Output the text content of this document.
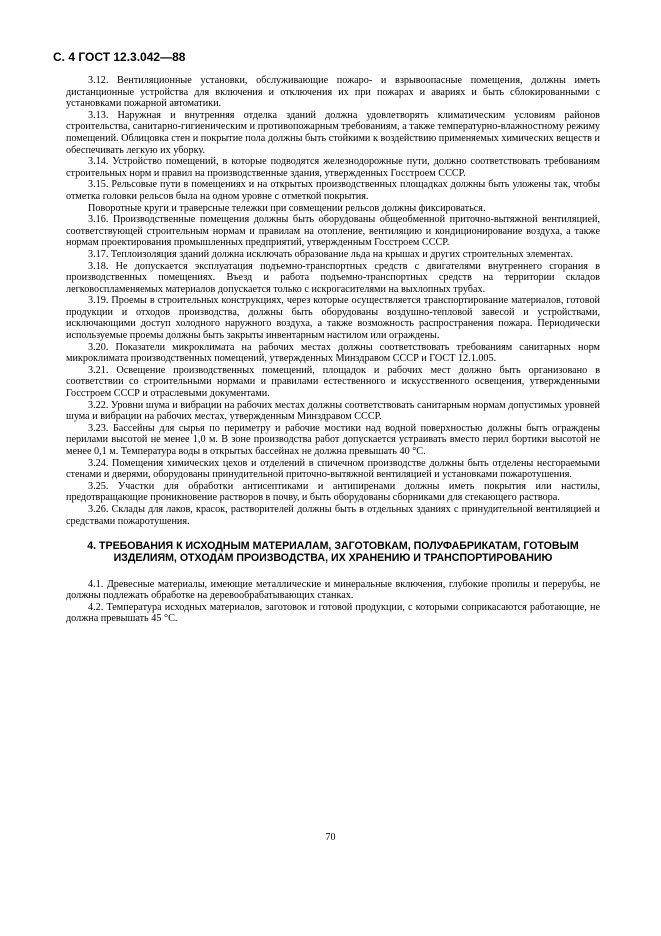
С. 4 ГОСТ 12.3.042—88

3.12. Вентиляционные установки, обслуживающие пожаро- и взрывоопасные помещения, должны иметь дистанционные устройства для включения и отключения их при пожарах и авариях и быть сблокированными с установками пожарной автоматики.

3.13. Наружная и внутренняя отделка зданий должна удовлетворять климатическим условиям районов строительства, санитарно-гигиеническим и противопожарным требованиям, а также температурно-влажностному режиму помещений. Облицовка стен и покрытие пола должны быть стойкими к воздействию применяемых химических веществ и обеспечивать легкую их уборку.

3.14. Устройство помещений, в которые подводятся железнодорожные пути, должно соответствовать требованиям строительных норм и правил на производственные здания, утвержденных Госстроем СССР.

3.15. Рельсовые пути в помещениях и на открытых производственных площадках должны быть уложены так, чтобы отметка головки рельсов была на одном уровне с отметкой покрытия.

Поворотные круги и траверсные тележки при совмещении рельсов должны фиксироваться.

3.16. Производственные помещения должны быть оборудованы общеобменной приточно-вытяжной вентиляцией, соответствующей строительным нормам и правилам на отопление, вентиляцию и кондиционирование воздуха, а также нормам проектирования промышленных предприятий, утвержденным Госстроем СССР.

3.17. Теплоизоляция зданий должна исключать образование льда на крышах и других строительных элементах.

3.18. Не допускается эксплуатация подъемно-транспортных средств с двигателями внутреннего сгорания в производственных помещениях. Въезд и работа подъемно-транспортных средств на территории складов легковоспламеняемых материалов допускается только с искрогасителями на выхлопных трубах.

3.19. Проемы в строительных конструкциях, через которые осуществляется транспортирование материалов, готовой продукции и отходов производства, должны быть оборудованы воздушно-тепловой завесой и устройствами, исключающими доступ холодного наружного воздуха, а также возможность распространения пожара. Периодически используемые проемы должны быть закрыты инвентарным настилом или ограждены.

3.20. Показатели микроклимата на рабочих местах должны соответствовать требованиям санитарных норм микроклимата производственных помещений, утвержденных Минздравом СССР и ГОСТ 12.1.005.

3.21. Освещение производственных помещений, площадок и рабочих мест должно быть организовано в соответствии со строительными нормами и правилами естественного и искусственного освещения, утвержденными Госстроем СССР и отраслевыми документами.

3.22. Уровни шума и вибрации на рабочих местах должны соответствовать санитарным нормам допустимых уровней шума и вибрации на рабочих местах, утвержденным Минздравом СССР.

3.23. Бассейны для сырья по периметру и рабочие мостики над водной поверхностью должны быть ограждены перилами высотой не менее 1,0 м. В зоне производства работ допускается устраивать вместо перил бортики высотой не менее 0,1 м. Температура воды в открытых бассейнах не должна превышать 40 °С.

3.24. Помещения химических цехов и отделений в спичечном производстве должны быть отделены несгораемыми стенами и дверями, оборудованы принудительной приточно-вытяжной вентиляцией и установками пожаротушения.

3.25. Участки для обработки антисептиками и антипиренами должны иметь покрытия или настилы, предотвращающие проникновение растворов в почву, и быть оборудованы сборниками для стекающего раствора.

3.26. Склады для лаков, красок, растворителей должны быть в отдельных зданиях с принудительной вентиляцией и средствами пожаротушения.

4. ТРЕБОВАНИЯ К ИСХОДНЫМ МАТЕРИАЛАМ, ЗАГОТОВКАМ, ПОЛУФАБРИКАТАМ, ГОТОВЫМ ИЗДЕЛИЯМ, ОТХОДАМ ПРОИЗВОДСТВА, ИХ ХРАНЕНИЮ И ТРАНСПОРТИРОВАНИЮ

4.1. Древесные материалы, имеющие металлические и минеральные включения, глубокие пропилы и перерубы, не должны подлежать обработке на деревообрабатывающих станках.

4.2. Температура исходных материалов, заготовок и готовой продукции, с которыми соприкасаются работающие, не должна превышать 45 °С.

70
